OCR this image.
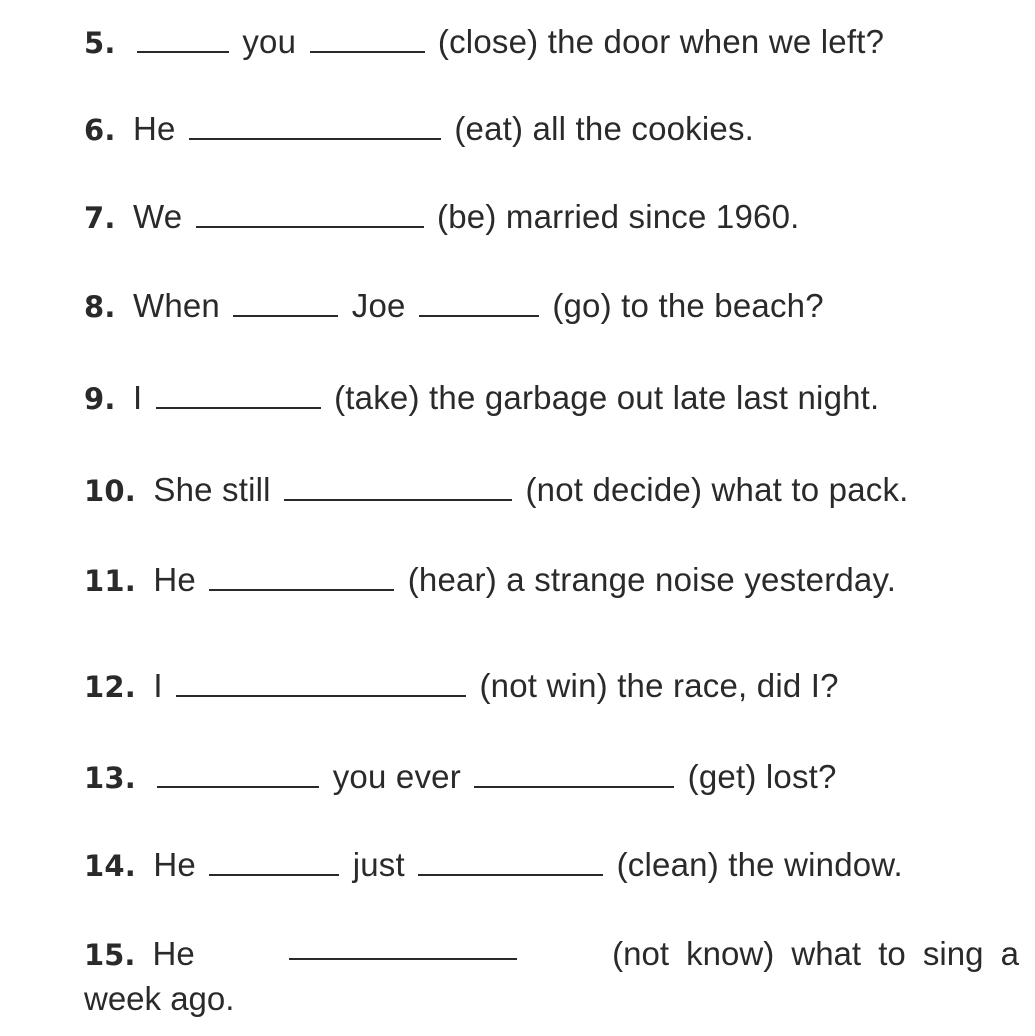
5.	you	(close) the door when we left?
6. He	(eat) all the cookies.
7. We	(be) married since 1960.
8. When	Joe	(go) to the beach?
9. I	(take) the garbage out late last night.
10. She still	(not decide) what to pack.
11. He	(hear) a strange noise yesterday.
12. I	(not win) the race, did I?
13.	you ever	(get) lost?
14. He	just	(clean) the window.
15. He	(not know) what to sing a
week ago.
